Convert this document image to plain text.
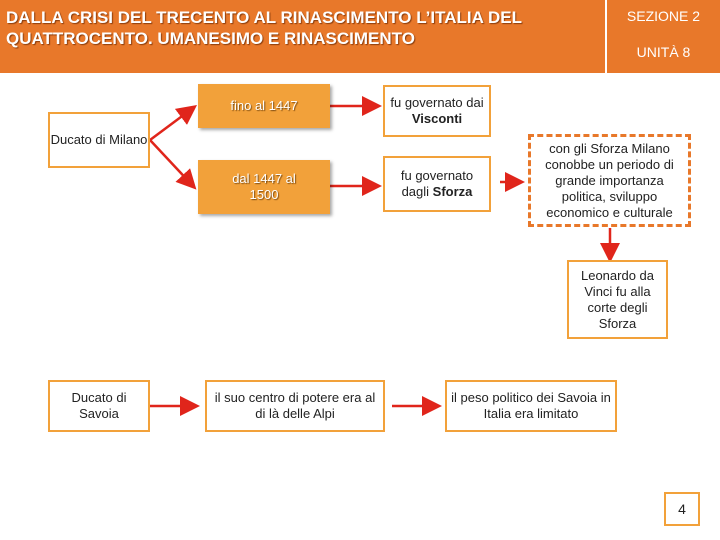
DALLA CRISI DEL TRECENTO AL RINASCIMENTO L’ITALIA DEL QUATTROCENTO. UMANESIMO E RINASCIMENTO
SEZIONE 2
UNITÀ 8
Ducato di Milano
fino al 1447
dal 1447 al 1500
fu governato dai Visconti
fu governato dagli Sforza
con gli Sforza Milano conobbe un periodo di grande importanza politica, sviluppo economico e culturale
Leonardo da Vinci fu alla corte degli Sforza
Ducato di Savoia
il suo centro di potere era al di là delle Alpi
il peso politico dei Savoia in Italia era limitato
4
